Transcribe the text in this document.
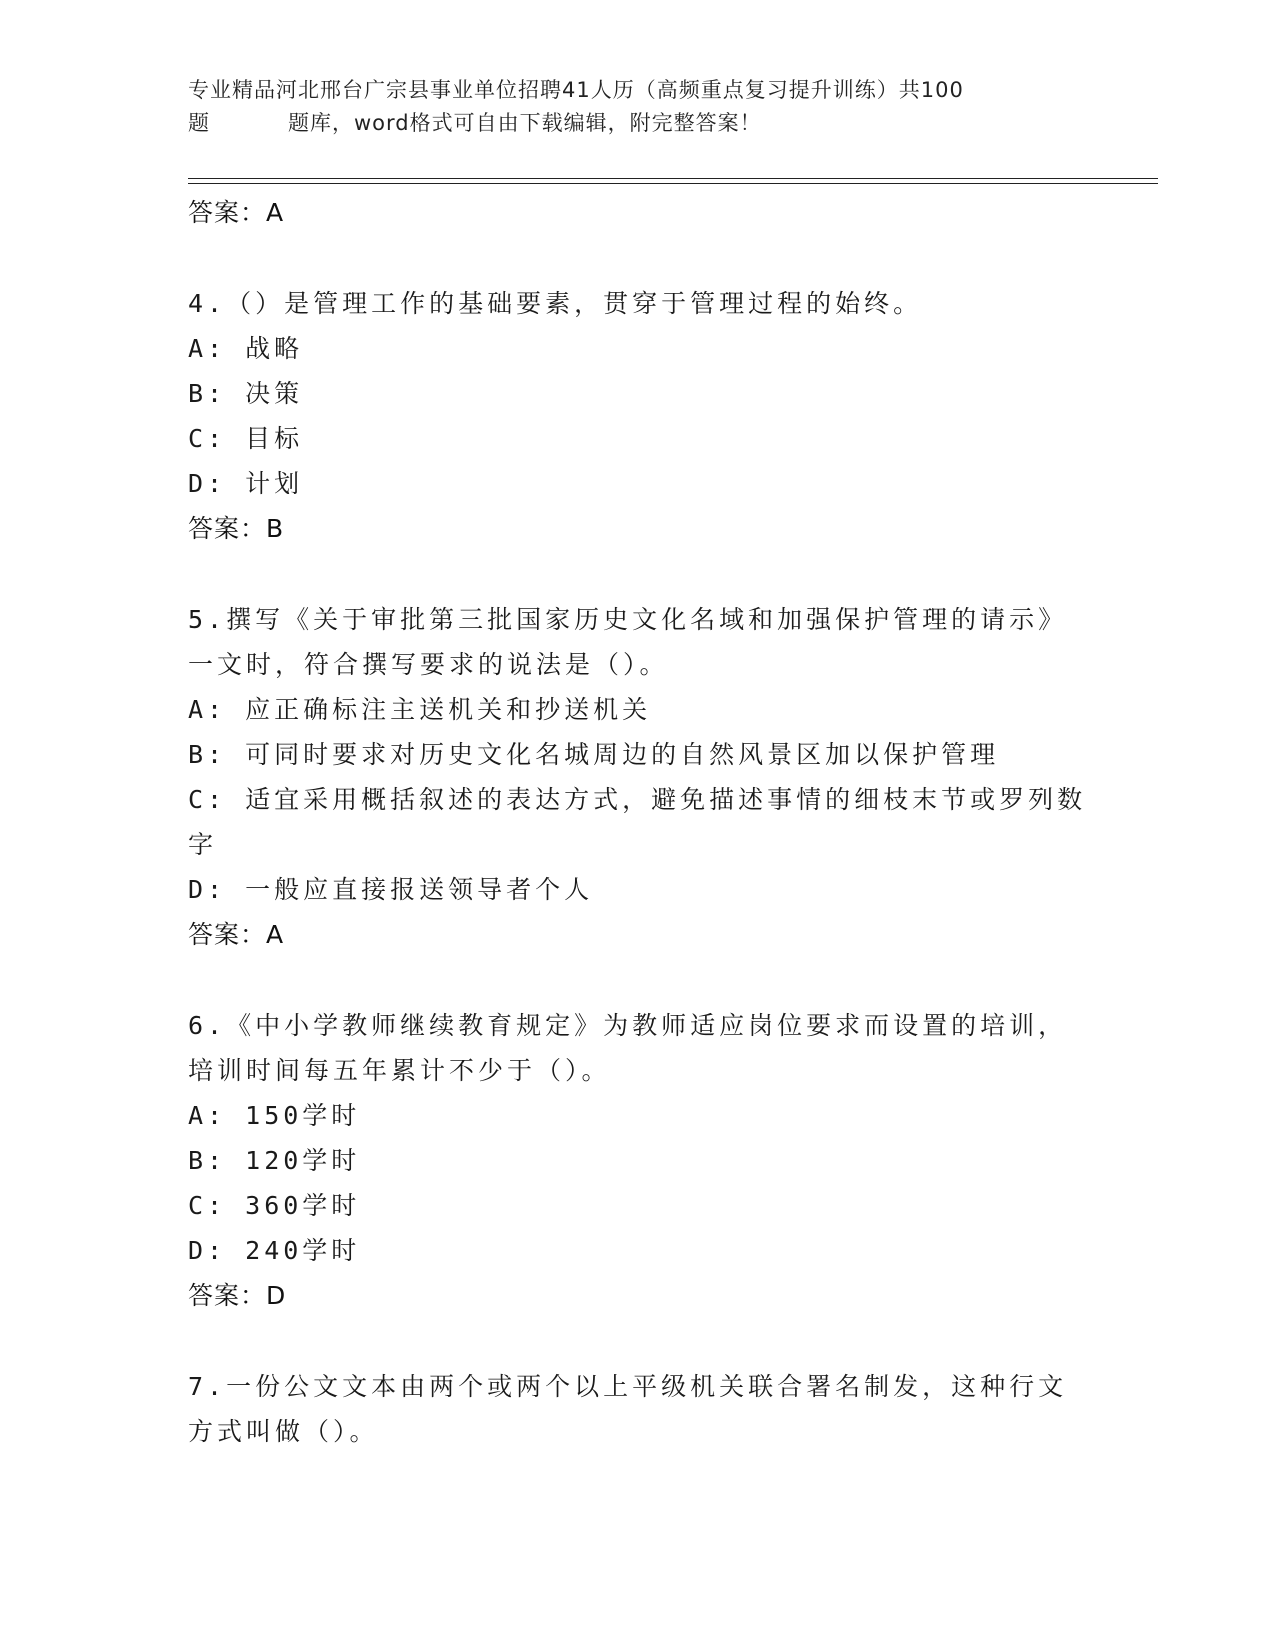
专业精品河北邢台广宗县事业单位招聘41人历（高频重点复习提升训练）共100
题	题库，word格式可自由下载编辑，附完整答案！
答案：A
4.（）是管理工作的基础要素，贯穿于管理过程的始终。
A: 战略
B: 决策
C: 目标
D: 计划
答案：B
5.撰写《关于审批第三批国家历史文化名域和加强保护管理的请示》
一文时，符合撰写要求的说法是（）。
A: 应正确标注主送机关和抄送机关
B: 可同时要求对历史文化名城周边的自然风景区加以保护管理
C: 适宜采用概括叙述的表达方式，避免描述事情的细枝末节或罗列数
字
D: 一般应直接报送领导者个人
答案：A
6.《中小学教师继续教育规定》为教师适应岗位要求而设置的培训，
培训时间每五年累计不少于（）。
A: 150学时
B: 120学时
C: 360学时
D: 240学时
答案：D
7.一份公文文本由两个或两个以上平级机关联合署名制发，这种行文
方式叫做（）。
